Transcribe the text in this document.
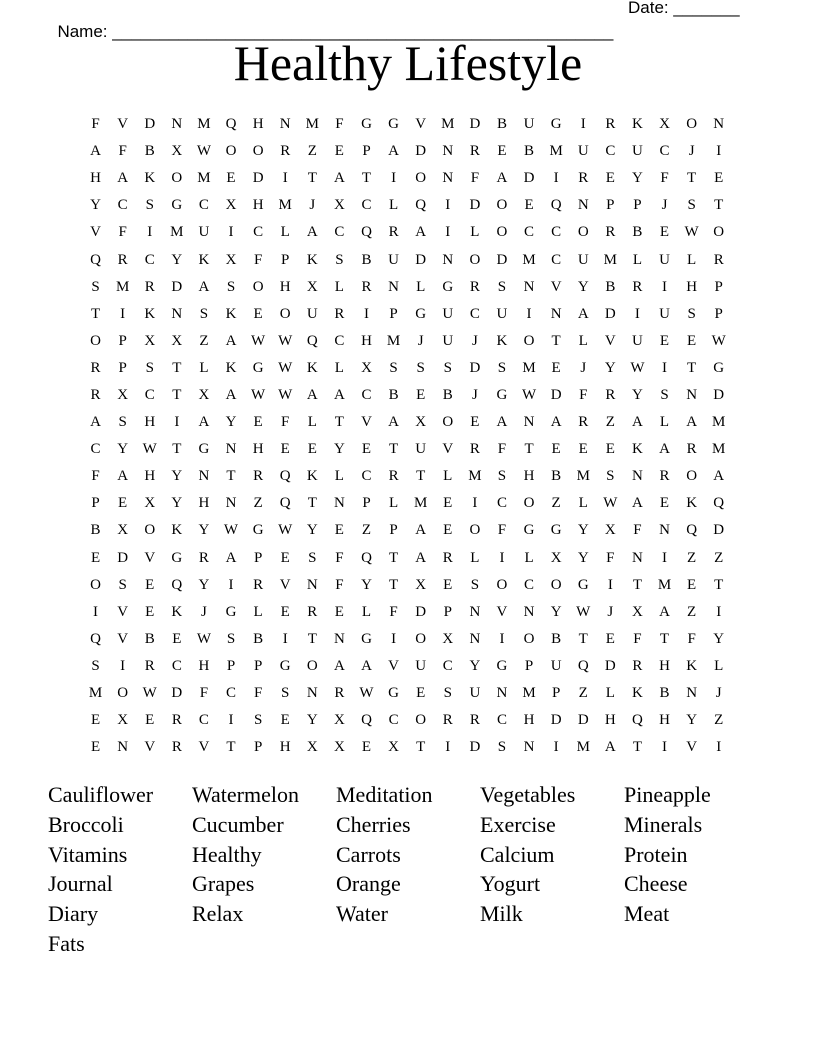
Name: _____________________________________________________

Date: _______

Healthy Lifestyle
F	V	D	N	M	Q	H	N	M	F	G	G	V	M	D	B	U	G	I	R	K	X	O	N
A	F	B	X W O	O	R	Z	E	P	A	D	N	R	E	B	M	U	C	U	C	J	I
H	A	K	O	M	E	D	I	T	A	T	I	O	N	F	A	D	I	R	E	Y	F	T	E
Y	C	S	G	C	X	H	M	J	X	C	L	Q	I	D	O	E	Q	N	P	P	J	S	T
V	F	I	M	U	I	C	L	A	C	Q	R	A	I	L	O	C	C	O	R	B	E	W O
Q	R	C	Y	K	X	F	P	K	S	B	U	D	N	O	D	M	C	U	M	L	U	L	R
S	M	R	D	A	S	O	H	X	L	R	N	L	G	R	S	N	V	Y	B	R	I	H	P
T	I	K	N	S	K	E	O	U	R	I	P	G	U	C	U	I	N	A	D	I	U	S	P
O	P	X	X	Z	A W W Q	C	H	M	J	U	J	K	O	T	L	V	U	E	E	W
R	P	S	T	L	K	G W K	L	X	S	S	S	D	S	M	E	J	Y W	I	T	G
R	X	C	T	X	A W W A	A	C	B	E	B	J	G W D	F	R	Y	S	N	D
A	S	H	I	A	Y	E	F	L	T	V	A	X	O	E	A	N	A	R	Z	A	L	A	M
C	Y W	T	G	N	H	E	E	Y	E	T	U	V	R	F	T	E	E	E	K	A	R	M
F	A	H	Y	N	T	R	Q	K	L	C	R	T	L	M	S	H	B	M	S	N	R	O	A
P	E	X	Y	H	N	Z	Q	T	N	P	L	M	E	I	C	O	Z	L	W A	E	K	Q
B	X	O	K	Y W G W Y	E	Z	P	A	E	O	F	G	G	Y	X	F	N	Q	D
E	D	V	G	R	A	P	E	S	F	Q	T	A	R	L	I	L	X	Y	F	N	I	Z	Z
O	S	E	Q	Y	I	R	V	N	F	Y	T	X	E	S	O	C	O	G	I	T	M	E	T
I	V	E	K	J	G	L	E	R	E	L	F	D	P	N	V	N	Y W	J	X	A	Z	I
Q	V	B	E	W	S	B	I	T	N	G	I	O	X	N	I	O	B	T	E	F	T	F	Y
S	I	R	C	H	P	P	G	O	A	A	V	U	C	Y	G	P	U	Q	D	R	H	K	L
M	O W D	F	C	F	S	N	R	W G	E	S	U	N	M	P	Z	L	K	B	N	J
E	X	E	R	C	I	S	E	Y	X	Q	C	O	R	R	C	H	D	D	H	Q	H	Y	Z
E	N	V	R	V	T	P	H	X	X	E	X	T	I	D	S	N	I	M	A	T	I	V	I
Cauliflower	Watermelon	Meditation	Vegetables	Pineapple
Broccoli	Cucumber	Cherries	Exercise	Minerals
Vitamins	Healthy	Carrots	Calcium	Protein
Journal	Grapes	Orange	Yogurt	Cheese
Diary	Relax	Water	Milk	Meat
Fats
